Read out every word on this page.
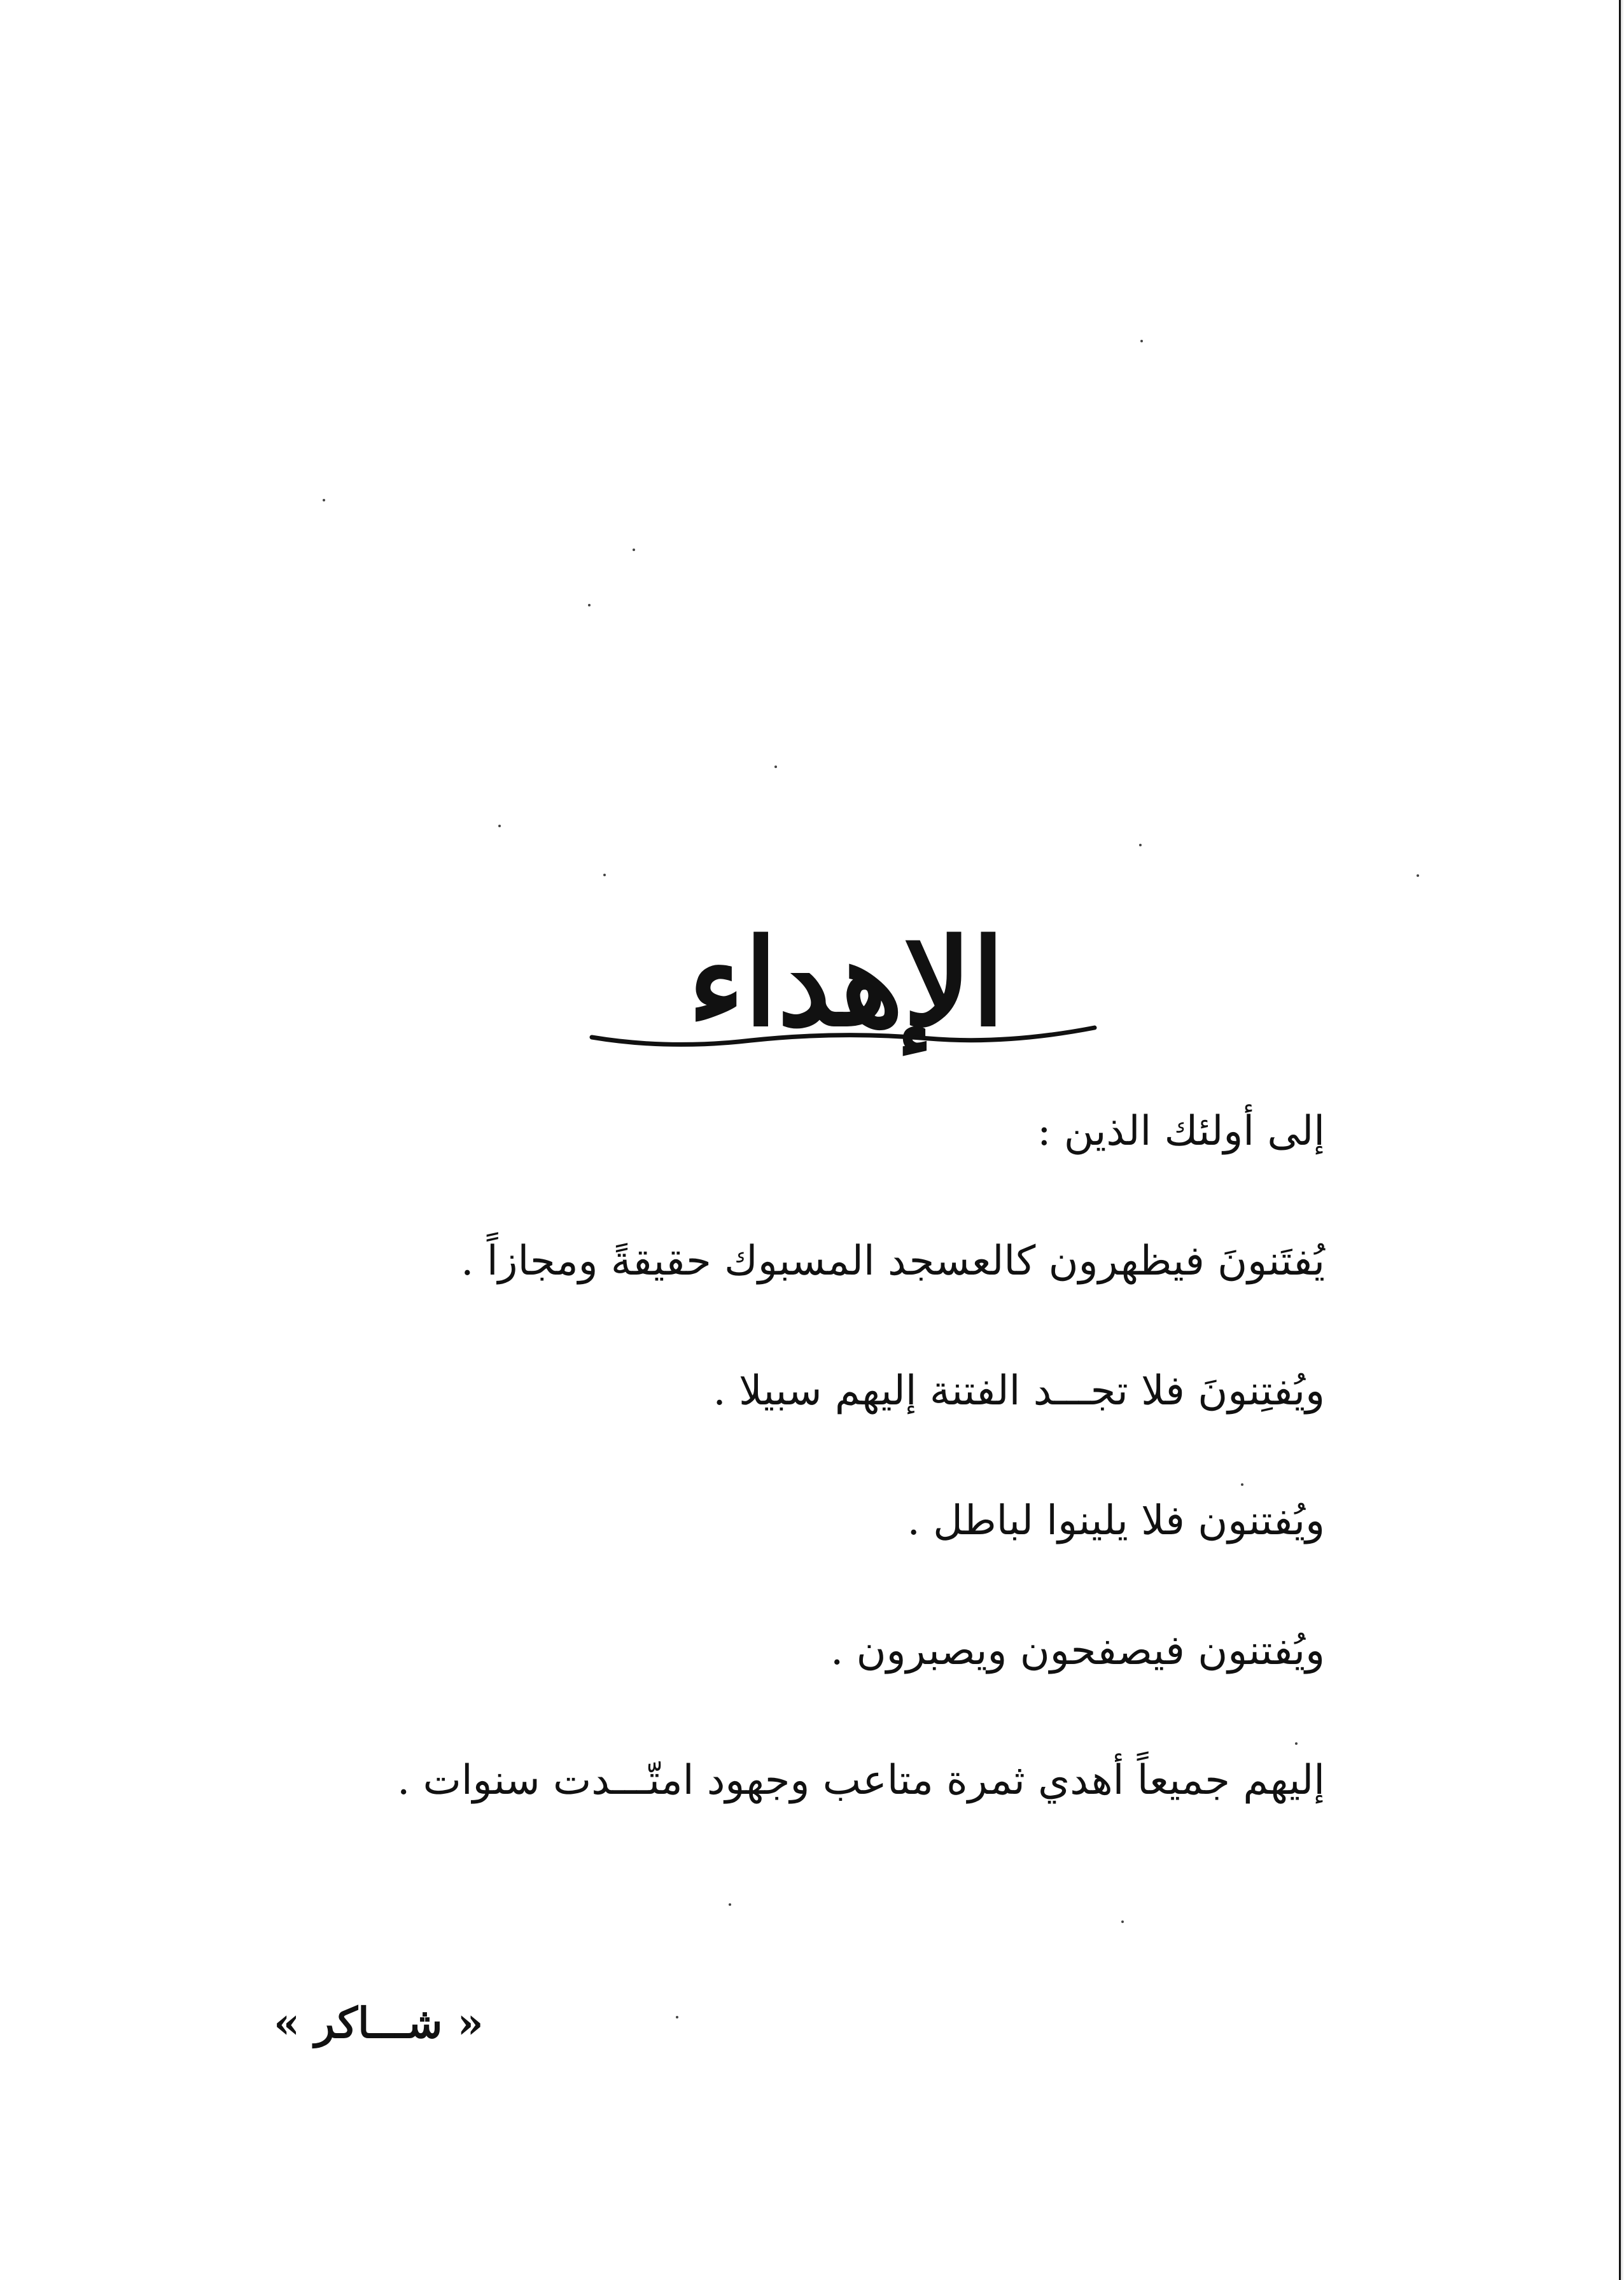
الإهداء

إلى أولئك الذين :

يُفتَنونَ فيظهرون كالعسجد المسبوك حقيقةً ومجازاً .

ويُفتِنونَ فلا تجـــد الفتنة إليهم سبيلا .

ويُفتنون فلا يلينوا لباطل .

ويُفتنون فيصفحون ويصبرون .

إليهم جميعاً أهدي ثمرة متاعب وجهود امتّـــدت سنوات .

« شـــاكر »
